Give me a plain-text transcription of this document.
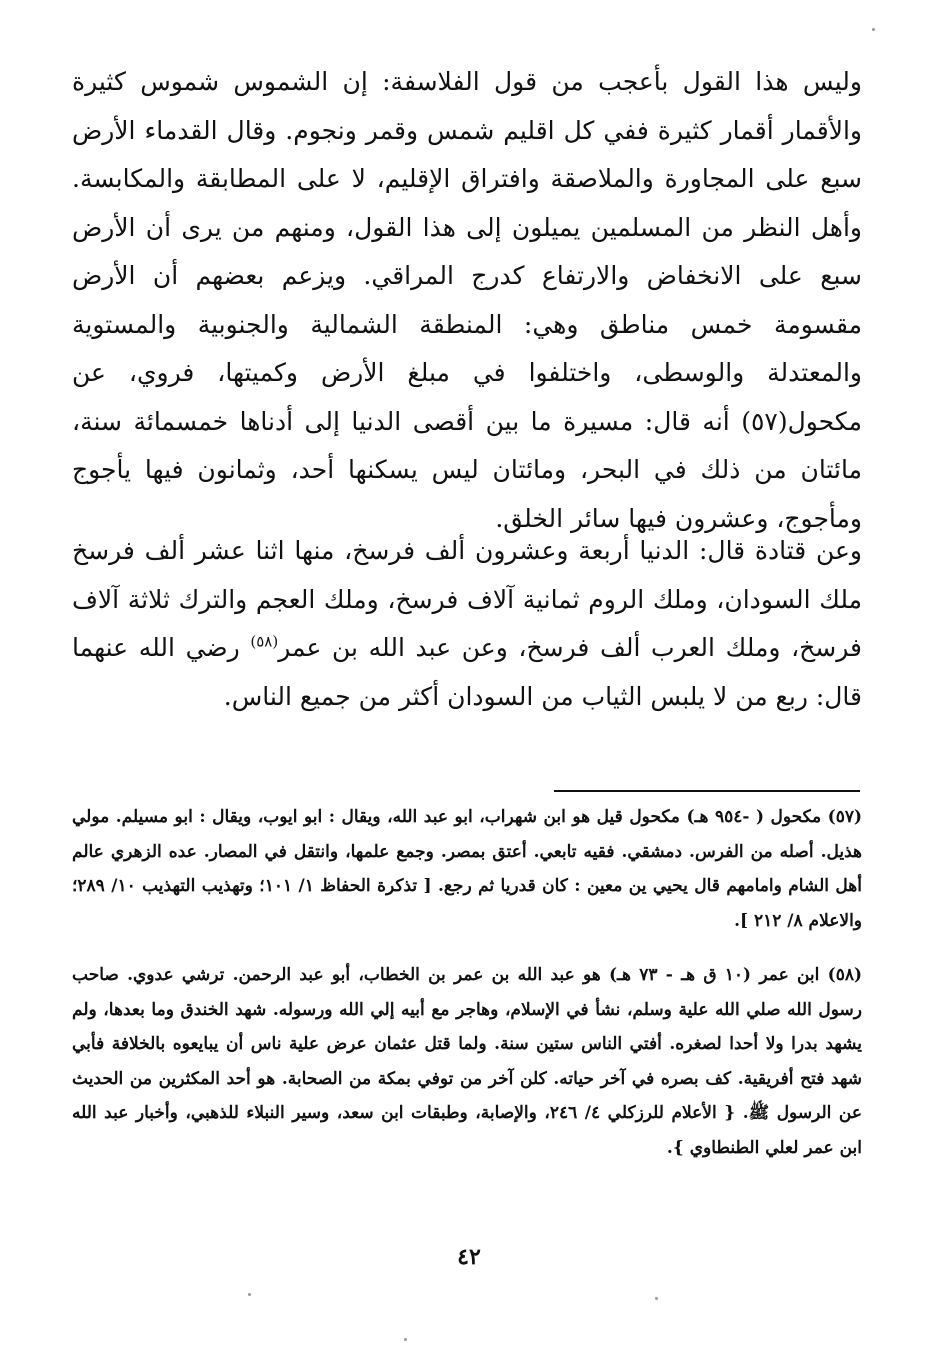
وليس هذا القول بأعجب من قول الفلاسفة: إن الشموس شموس كثيرة والأقمار أقمار كثيرة ففي كل اقليم شمس وقمر ونجوم. وقال القدماء الأرض سبع على المجاورة والملاصقة وافتراق الإقليم، لا على المطابقة والمكابسة. وأهل النظر من المسلمين يميلون إلى هذا القول، ومنهم من يرى أن الأرض سبع على الانخفاض والارتفاع كدرج المراقي. ويزعم بعضهم أن الأرض مقسومة خمس مناطق وهي: المنطقة الشمالية والجنوبية والمستوية والمعتدلة والوسطى، واختلفوا في مبلغ الأرض وكميتها، فروي، عن مكحول(٥٧) أنه قال: مسيرة ما بين أقصى الدنيا إلى أدناها خمسمائة سنة، مائتان من ذلك في البحر، ومائتان ليس يسكنها أحد، وثمانون فيها يأجوج ومأجوج، وعشرون فيها سائر الخلق.

وعن قتادة قال: الدنيا أربعة وعشرون ألف فرسخ، منها اثنا عشر ألف فرسخ ملك السودان، وملك الروم ثمانية آلاف فرسخ، وملك العجم والترك ثلاثة آلاف فرسخ، وملك العرب ألف فرسخ، وعن عبد الله بن عمر$^{(٥٨)}$ رضي الله عنهما قال: ربع من لا يلبس الثياب من السودان أكثر من جميع الناس.

(٥٧) مكحول ( -٩٥٤ هـ) مكحول قيل هو ابن شهراب، ابو عبد الله، ويقال : ابو ايوب، ويقال : ابو مسيلم. مولي هذيل. أصله من الفرس. دمشقي. فقيه تابعي. أعتق بمصر. وجمع علمها، وانتقل في المصار. عده الزهري عالم أهل الشام وامامهم قال يحيي ين معين : كان قدريا ثم رجع. [ تذكرة الحفاظ ١/ ١٠١؛ وتهذيب التهذيب ١٠/ ٢٨٩؛ والاعلام ٨/ ٢١٢ ].

(٥٨) ابن عمر (١٠ ق هـ - ٧٣ هـ) هو عبد الله بن عمر بن الخطاب، أبو عبد الرحمن. ترشي عدوي. صاحب رسول الله صلي الله علية وسلم، نشأ في الإسلام، وهاجر مع أبيه إلي الله ورسوله. شهد الخندق وما بعدها، ولم يشهد بدرا ولا أحدا لصغره. أفتي الناس ستين سنة. ولما قتل عثمان عرض علية ناس أن يبايعوه بالخلافة فأبي شهد فتح أفريقية. كف بصره في آخر حياته. كلن آخر من توفي بمكة من الصحابة. هو أحد المكثرين من الحديث عن الرسول ﷺ. { الأعلام للرزكلي ٤/ ٢٤٦، والإصابة، وطبقات ابن سعد، وسير النبلاء للذهبي، وأخبار عبد الله ابن عمر لعلي الطنطاوي }.

٤٢
